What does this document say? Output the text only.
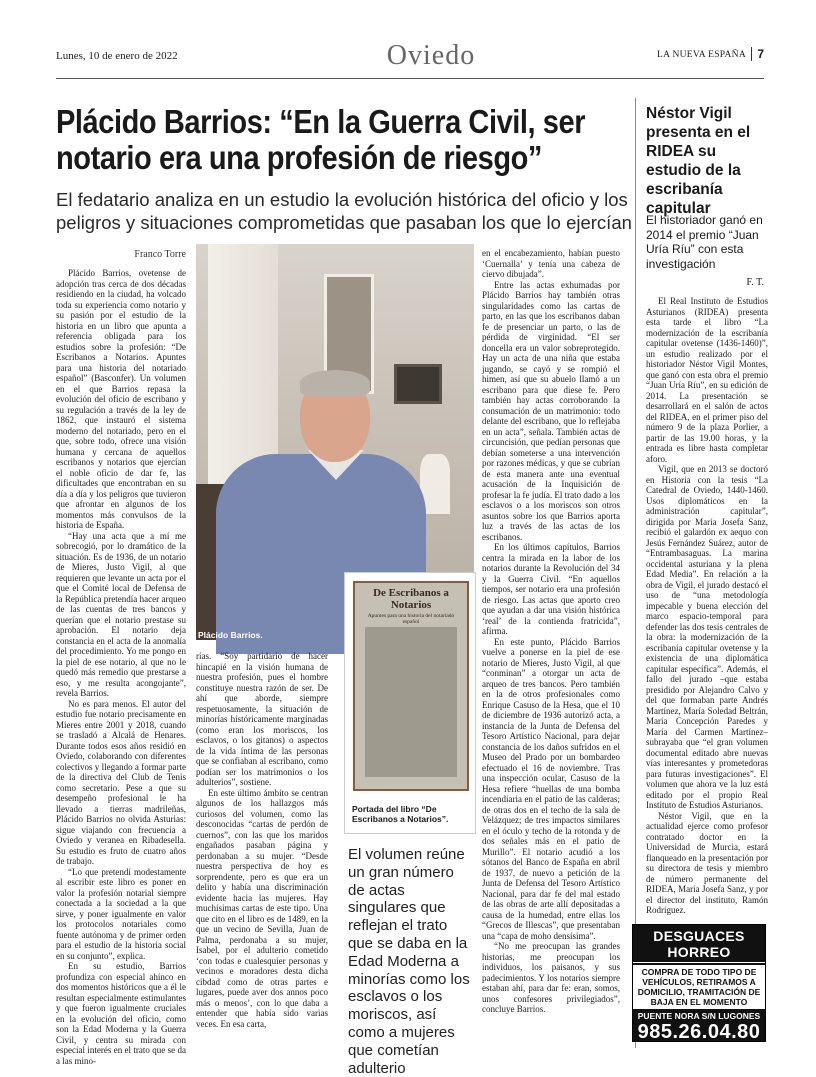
Lunes, 10 de enero de 2022	Oviedo	LA NUEVA ESPAÑA 7
Plácido Barrios: “En la Guerra Civil, ser notario era una profesión de riesgo”
El fedatario analiza en un estudio la evolución histórica del oficio y los peligros y situaciones comprometidas que pasaban los que lo ejercían
Franco Torre

Plácido Barrios, ovetense de adopción tras cerca de dos décadas residiendo en la ciudad, ha volcado toda su experiencia como notario y su pasión por el estudio de la historia en un libro que apunta a referencia obligada para los estudios sobre la profesión: “De Escribanos a Notarios. Apuntes para una historia del notariado español” (Basconfer). Un volumen en el que Barrios repasa la evolución del oficio de escribano y su regulación a través de la ley de 1862, que instauró el sistema moderno del notariado, pero en el que, sobre todo, ofrece una visión humana y cercana de aquellos escribanos y notarios que ejercían el noble oficio de dar fe, las dificultades que encontraban en su día a día y los peligros que tuvieron que afrontar en algunos de los momentos más convulsos de la historia de España.

“Hay una acta que a mí me sobrecogió, por lo dramático de la situación. Es de 1936, de un notario de Mieres, Justo Vigil, al que requieren que levante un acta por el que el Comité local de Defensa de la República pretendía hacer arqueo de las cuentas de tres bancos y querían que el notario prestase su aprobación. El notario deja constancia en el acta de la anomalía del procedimiento. Yo me pongo en la piel de ese notario, al que no le quedó más remedio que prestarse a eso, y me resulta acongojante”, revela Barrios.

No es para menos. El autor del estudio fue notario precisamente en Mieres entre 2001 y 2018, cuando se trasladó a Alcalá de Henares. Durante todos esos años residió en Oviedo, colaborando con diferentes colectivos y llegando a formar parte de la directiva del Club de Tenis como secretario. Pese a que su desempeño profesional le ha llevado a tierras madrileñas, Plácido Barrios no olvida Asturias: sigue viajando con frecuencia a Oviedo y veranea en Ribadesella. Su estudio es fruto de cuatro años de trabajo.

“Lo que pretendí modestamente al escribir este libro es poner en valor la profesión notarial siempre conectada a la sociedad a la que sirve, y poner igualmente en valor los protocolos notariales como fuente autónoma y de primer orden para el estudio de la historia social en su conjunto”, explica.

En su estudio, Barrios profundiza con especial ahínco en dos momentos históricos que a él le resultan especialmente estimulantes y que fueron igualmente cruciales en la evolución del oficio, como son la Edad Moderna y la Guerra Civil, y centra su mirada con especial interés en el trato que se da a las mino-

Plácido Barrios.
De Escribanos a Notarios
Apuntes para una historia del notariado español
Portada del libro “De Escribanos a Notarios”.

rías. “Soy partidario de hacer hincapié en la visión humana de nuestra profesión, pues el hombre constituye nuestra razón de ser. De ahí que aborde, siempre respetuosamente, la situación de minorías históricamente marginadas (como eran los moriscos, los esclavos, o los gitanos) o aspectos de la vida íntima de las personas que se confiaban al escribano, como podían ser los matrimonios o los adulterios”, sostiene.

En este último ámbito se centran algunos de los hallazgos más curiosos del volumen, como las desconocidas “cartas de perdón de cuernos”, con las que los maridos engañados pasaban página y perdonaban a su mujer. “Desde nuestra perspectiva de hoy es sorprendente, pero es que era un delito y había una discriminación evidente hacia las mujeres. Hay muchísimas cartas de este tipo. Una que cito en el libro es de 1489, en la que un vecino de Sevilla, Juan de Palma, perdonaba a su mujer, Isabel, por el adulterio cometido ‘con todas e cualesquier personas y vecinos e moradores desta dicha cibdad como de otras partes e lugares, puede aver dos annos poco más o menos’, con lo que daba a entender que había sido varias veces. En esa carta,

El volumen reúne un gran número de actas singulares que reflejan el trato que se daba en la Edad Moderna a minorías como los esclavos o los moriscos, así como a mujeres que cometían adulterio

en el encabezamiento, habían puesto ‘Cuernalla’ y tenía una cabeza de ciervo dibujada”.

Entre las actas exhumadas por Plácido Barrios hay también otras singularidades como las cartas de parto, en las que los escribanos daban fe de presenciar un parto, o las de pérdida de virginidad. “El ser doncella era un valor sobreprotegido. Hay un acta de una niña que estaba jugando, se cayó y se rompió el himen, así que su abuelo llamó a un escribano para que diese fe. Pero también hay actas corroborando la consumación de un matrimonio: todo delante del escribano, que lo reflejaba en un acta”, señala. También actas de circuncisión, que pedían personas que debían someterse a una intervención por razones médicas, y que se cubrían de esta manera ante una eventual acusación de la Inquisición de profesar la fe judía. El trato dado a los esclavos o a los moriscos son otros asuntos sobre los que Barrios aporta luz a través de las actas de los escribanos.

En los últimos capítulos, Barrios centra la mirada en la labor de los notarios durante la Revolución del 34 y la Guerra Civil. “En aquellos tiempos, ser notario era una profesión de riesgo. Las actas que aporto creo que ayudan a dar una visión histórica ‘real’ de la contienda fratricida”, afirma.

En este punto, Plácido Barrios vuelve a ponerse en la piel de ese notario de Mieres, Justo Vigil, al que “conminan” a otorgar un acta de arqueo de tres bancos. Pero también en la de otros profesionales como Enrique Casuso de la Hesa, que el 10 de diciembre de 1936 autorizó acta, a instancia de la Junta de Defensa del Tesoro Artístico Nacional, para dejar constancia de los daños sufridos en el Museo del Prado por un bombardeo efectuado el 16 de noviembre. Tras una inspección ocular, Casuso de la Hesa refiere “huellas de una bomba incendiaria en el patio de las calderas; de otras dos en el techo de la sala de Velázquez; de tres impactos similares en el óculo y techo de la rotonda y de dos señales más en el patio de Murillo”. El notario acudió a los sótanos del Banco de España en abril de 1937, de nuevo a petición de la Junta de Defensa del Tesoro Artístico Nacional, para dar fe del mal estado de las obras de arte allí depositadas a causa de la humedad, entre ellas los “Grecos de Illescas”, que presentaban una “capa de moho densísima”.

“No me preocupan las grandes historias, me preocupan los individuos, los paisanos, y sus padecimientos. Y los notarios siempre estaban ahí, para dar fe: eran, somos, unos confesores privilegiados”, concluye Barrios.

Néstor Vigil presenta en el RIDEA su estudio de la escribanía capitular
El historiador ganó en 2014 el premio “Juan Uría Ríu” con esta investigación
F. T.

El Real Instituto de Estudios Asturianos (RIDEA) presenta esta tarde el libro “La modernización de la escribanía capitular ovetense (1436-1460)”, un estudio realizado por el historiador Néstor Vigil Montes, que ganó con esta obra el premio “Juan Uría Ríu”, en su edición de 2014. La presentación se desarrollará en el salón de actos del RIDEA, en el primer piso del número 9 de la plaza Porlier, a partir de las 19.00 horas, y la entrada es libre hasta completar aforo.

Vigil, que en 2013 se doctoró en Historia con la tesis “La Catedral de Oviedo, 1440-1460. Usos diplomáticos en la administración capitular”, dirigida por María Josefa Sanz, recibió el galardón ex aequo con Jesús Fernández Suárez, autor de “Entrambasaguas. La marina occidental asturiana y la plena Edad Media”. En relación a la obra de Vigil, el jurado destacó el uso de “una metodología impecable y buena elección del marco espacio-temporal para defender las dos tesis centrales de la obra: la modernización de la escribanía capitular ovetense y la existencia de una diplomática capitular específica”. Además, el fallo del jurado –que estaba presidido por Alejandro Calvo y del que formaban parte Andrés Martínez, María Soledad Beltrán, María Concepción Paredes y María del Carmen Martínez– subrayaba que “el gran volumen documental editado abre nuevas vías interesantes y prometedoras para futuras investigaciones”. El volumen que ahora ve la luz está editado por el propio Real Instituto de Estudios Asturianos.

Néstor Vigil, que en la actualidad ejerce como profesor contratado doctor en la Universidad de Murcia, estará flanqueado en la presentación por su directora de tesis y miembro de número permanente del RIDEA, María Josefa Sanz, y por el director del instituto, Ramón Rodríguez.

DESGUACES HORREO
COMPRA DE TODO TIPO DE VEHÍCULOS, RETIRAMOS A DOMICILIO, TRAMITACIÓN DE BAJA EN EL MOMENTO
PUENTE NORA S/N LUGONES
985.26.04.80
